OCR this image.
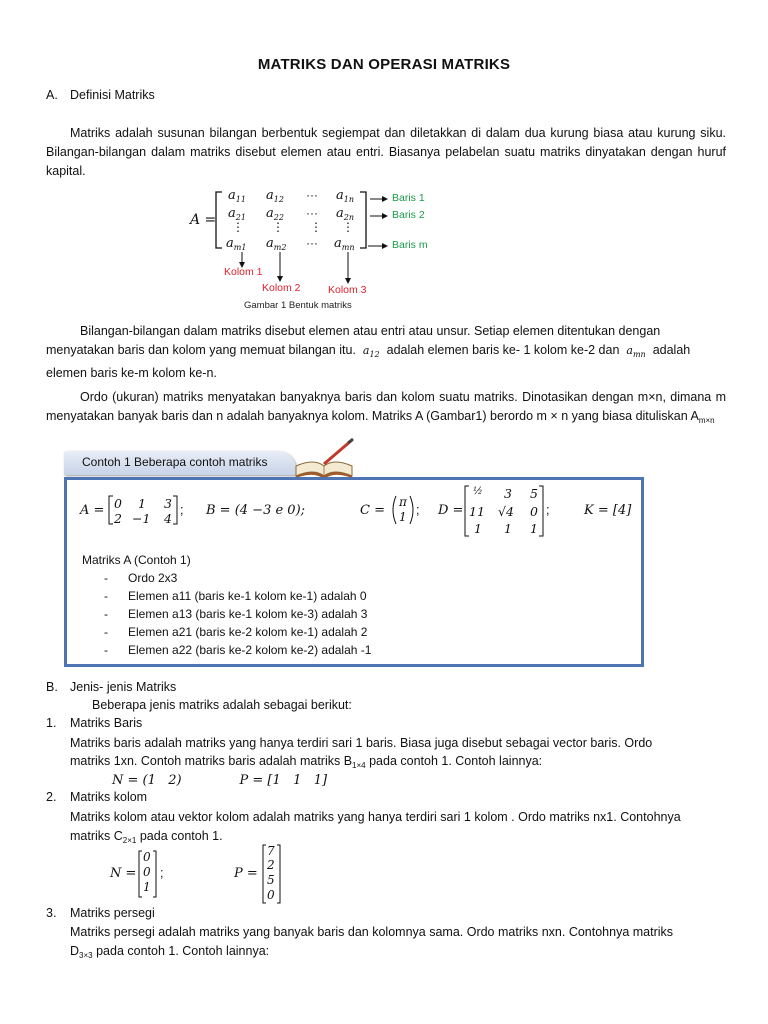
MATRIKS DAN OPERASI MATRIKS
A. Definisi Matriks
Matriks adalah susunan bilangan berbentuk segiempat dan diletakkan di dalam dua kurung biasa atau kurung siku. Bilangan-bilangan dalam matriks disebut elemen atau entri. Biasanya pelabelan suatu matriks dinyatakan dengan huruf kapital.
A =
$a_{11}$ $a_{12}$ ··· $a_{1n}$
$a_{21}$ $a_{22}$ ··· $a_{2n}$
⋮ ⋮ ⋮ ⋮
$a_{m1}$ $a_{m2}$ ··· $a_{mn}$
Baris 1
Baris 2
Baris m
Kolom 1
Kolom 2	Kolom 3
Gambar 1 Bentuk matriks
Bilangan-bilangan dalam matriks disebut elemen atau entri atau unsur. Setiap elemen ditentukan dengan
menyatakan baris dan kolom yang memuat bilangan itu.  $a_{12}$ adalah elemen baris ke- 1 kolom ke-2 dan  $a_{mn}$ adalah
elemen baris ke-m kolom ke-n.
Ordo (ukuran) matriks menyatakan banyaknya baris dan kolom suatu matriks. Dinotasikan dengan m×n, dimana m menyatakan banyak baris dan n adalah banyaknya kolom. Matriks A (Gambar1) berordo m × n yang biasa dituliskan $A_{m\times n}$
Contoh 1 Beberapa contoh matriks
A = 0 1 3
2 −1 4
; B = (4 −3 e 0);	C =
π
1 ; D =
½ 3 5
11 √4 0
1 1 1
;	K = [4]
Matriks A (Contoh 1)
- Ordo 2x3
- Elemen a11 (baris ke-1 kolom ke-1) adalah 0
- Elemen a13 (baris ke-1 kolom ke-3) adalah 3
- Elemen a21 (baris ke-2 kolom ke-1) adalah 2
- Elemen a22 (baris ke-2 kolom ke-2) adalah -1
B. Jenis- jenis Matriks
Beberapa jenis matriks adalah sebagai berikut:
1. Matriks Baris
Matriks baris adalah matriks yang hanya terdiri sari 1 baris. Biasa juga disebut sebagai vector baris. Ordo
matriks 1xn. Contoh matriks baris adalah matriks $B_{1\times 4}$ pada contoh 1. Contoh lainnya:
N = (1   2)              P = [1   1   1]
2. Matriks kolom
Matriks kolom atau vektor kolom adalah matriks yang hanya terdiri sari 1 kolom . Ordo matriks nx1. Contohnya
matriks $C_{2\times 1}$ pada contoh 1.
N =
0
0
1
;	P =
7
2
5
0
3. Matriks persegi
Matriks persegi adalah matriks yang banyak baris dan kolomnya sama. Ordo matriks nxn. Contohnya matriks
$D_{3\times 3}$ pada contoh 1. Contoh lainnya:
